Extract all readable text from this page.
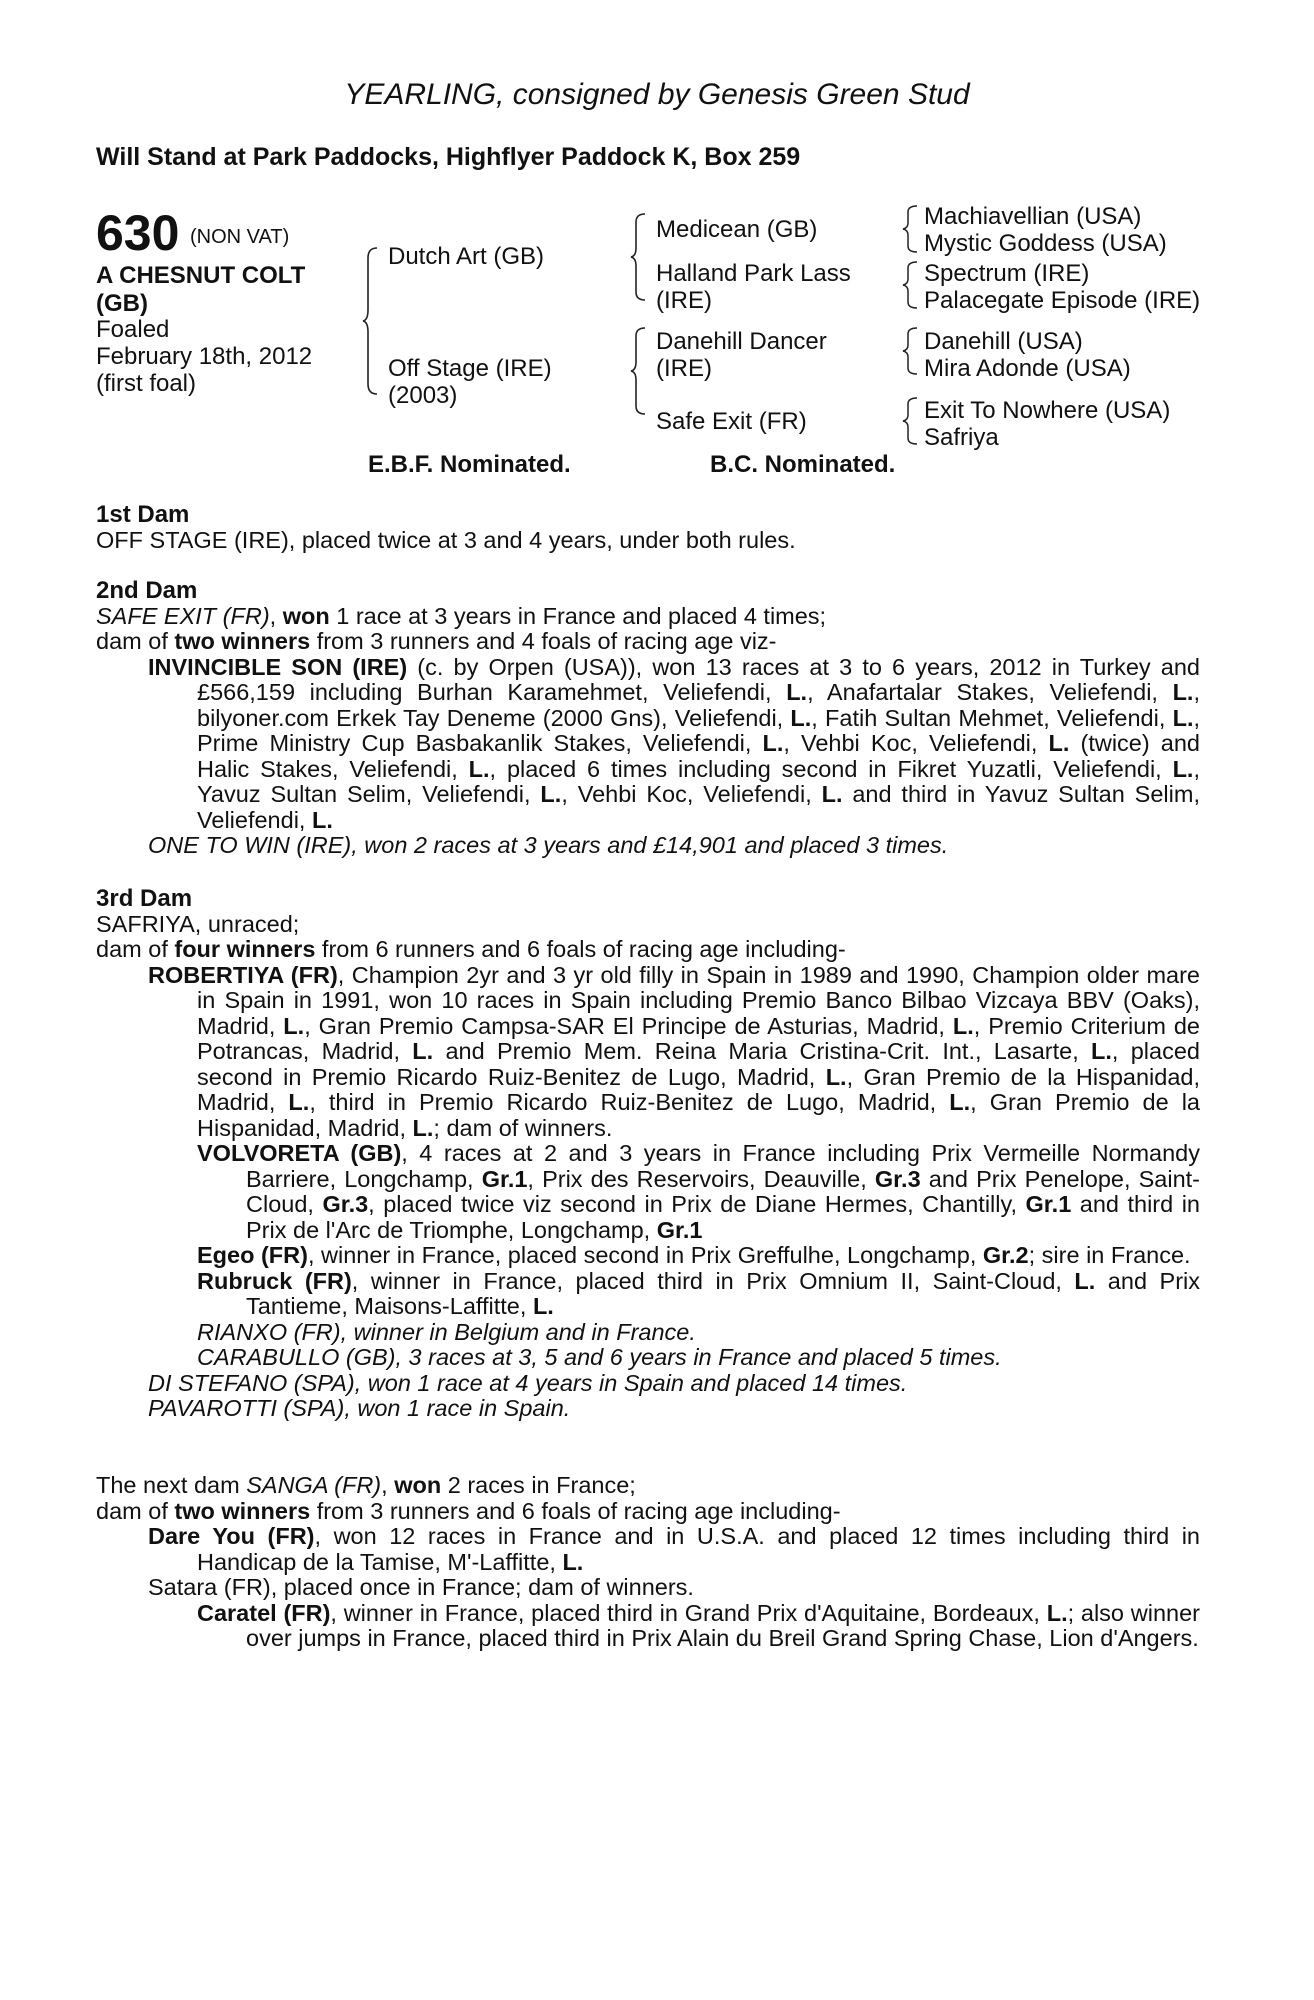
YEARLING, consigned by Genesis Green Stud
Will Stand at Park Paddocks, Highflyer Paddock K, Box 259
630 (NON VAT)
A CHESNUT COLT
(GB)
Foaled
February 18th, 2012
(first foal)
Dutch Art (GB)
Off Stage (IRE)
(2003)
Medicean (GB)
Halland Park Lass
(IRE)
Danehill Dancer
(IRE)
Safe Exit (FR)
Machiavellian (USA)
Mystic Goddess (USA)
Spectrum (IRE)
Palacegate Episode (IRE)
Danehill (USA)
Mira Adonde (USA)
Exit To Nowhere (USA)
Safriya
E.B.F. Nominated.	B.C. Nominated.

1st Dam

OFF STAGE (IRE), placed twice at 3 and 4 years, under both rules.

2nd Dam

SAFE EXIT (FR), won 1 race at 3 years in France and placed 4 times;

dam of two winners from 3 runners and 4 foals of racing age viz-

INVINCIBLE SON (IRE) (c. by Orpen (USA)), won 13 races at 3 to 6 years, 2012 in Turkey and £566,159 including Burhan Karamehmet, Veliefendi, L., Anafartalar Stakes, Veliefendi, L., bilyoner.com Erkek Tay Deneme (2000 Gns), Veliefendi, L., Fatih Sultan Mehmet, Veliefendi, L., Prime Ministry Cup Basbakanlik Stakes, Veliefendi, L., Vehbi Koc, Veliefendi, L. (twice) and Halic Stakes, Veliefendi, L., placed 6 times including second in Fikret Yuzatli, Veliefendi, L., Yavuz Sultan Selim, Veliefendi, L., Vehbi Koc, Veliefendi, L. and third in Yavuz Sultan Selim, Veliefendi, L.

ONE TO WIN (IRE), won 2 races at 3 years and £14,901 and placed 3 times.

3rd Dam

SAFRIYA, unraced;

dam of four winners from 6 runners and 6 foals of racing age including-

ROBERTIYA (FR), Champion 2yr and 3 yr old filly in Spain in 1989 and 1990, Champion older mare in Spain in 1991, won 10 races in Spain including Premio Banco Bilbao Vizcaya BBV (Oaks), Madrid, L., Gran Premio Campsa-SAR El Principe de Asturias, Madrid, L., Premio Criterium de Potrancas, Madrid, L. and Premio Mem. Reina Maria Cristina-Crit. Int., Lasarte, L., placed second in Premio Ricardo Ruiz-Benitez de Lugo, Madrid, L., Gran Premio de la Hispanidad, Madrid, L., third in Premio Ricardo Ruiz-Benitez de Lugo, Madrid, L., Gran Premio de la Hispanidad, Madrid, L.; dam of winners.

VOLVORETA (GB), 4 races at 2 and 3 years in France including Prix Vermeille Normandy Barriere, Longchamp, Gr.1, Prix des Reservoirs, Deauville, Gr.3 and Prix Penelope, Saint-Cloud, Gr.3, placed twice viz second in Prix de Diane Hermes, Chantilly, Gr.1 and third in Prix de l'Arc de Triomphe, Longchamp, Gr.1

Egeo (FR), winner in France, placed second in Prix Greffulhe, Longchamp, Gr.2; sire in France.

Rubruck (FR), winner in France, placed third in Prix Omnium II, Saint-Cloud, L. and Prix Tantieme, Maisons-Laffitte, L.

RIANXO (FR), winner in Belgium and in France.

CARABULLO (GB), 3 races at 3, 5 and 6 years in France and placed 5 times.

DI STEFANO (SPA), won 1 race at 4 years in Spain and placed 14 times.

PAVAROTTI (SPA), won 1 race in Spain.

The next dam SANGA (FR), won 2 races in France;

dam of two winners from 3 runners and 6 foals of racing age including-

Dare You (FR), won 12 races in France and in U.S.A. and placed 12 times including third in Handicap de la Tamise, M'-Laffitte, L.

Satara (FR), placed once in France; dam of winners.

Caratel (FR), winner in France, placed third in Grand Prix d'Aquitaine, Bordeaux, L.; also winner over jumps in France, placed third in Prix Alain du Breil Grand Spring Chase, Lion d'Angers.
